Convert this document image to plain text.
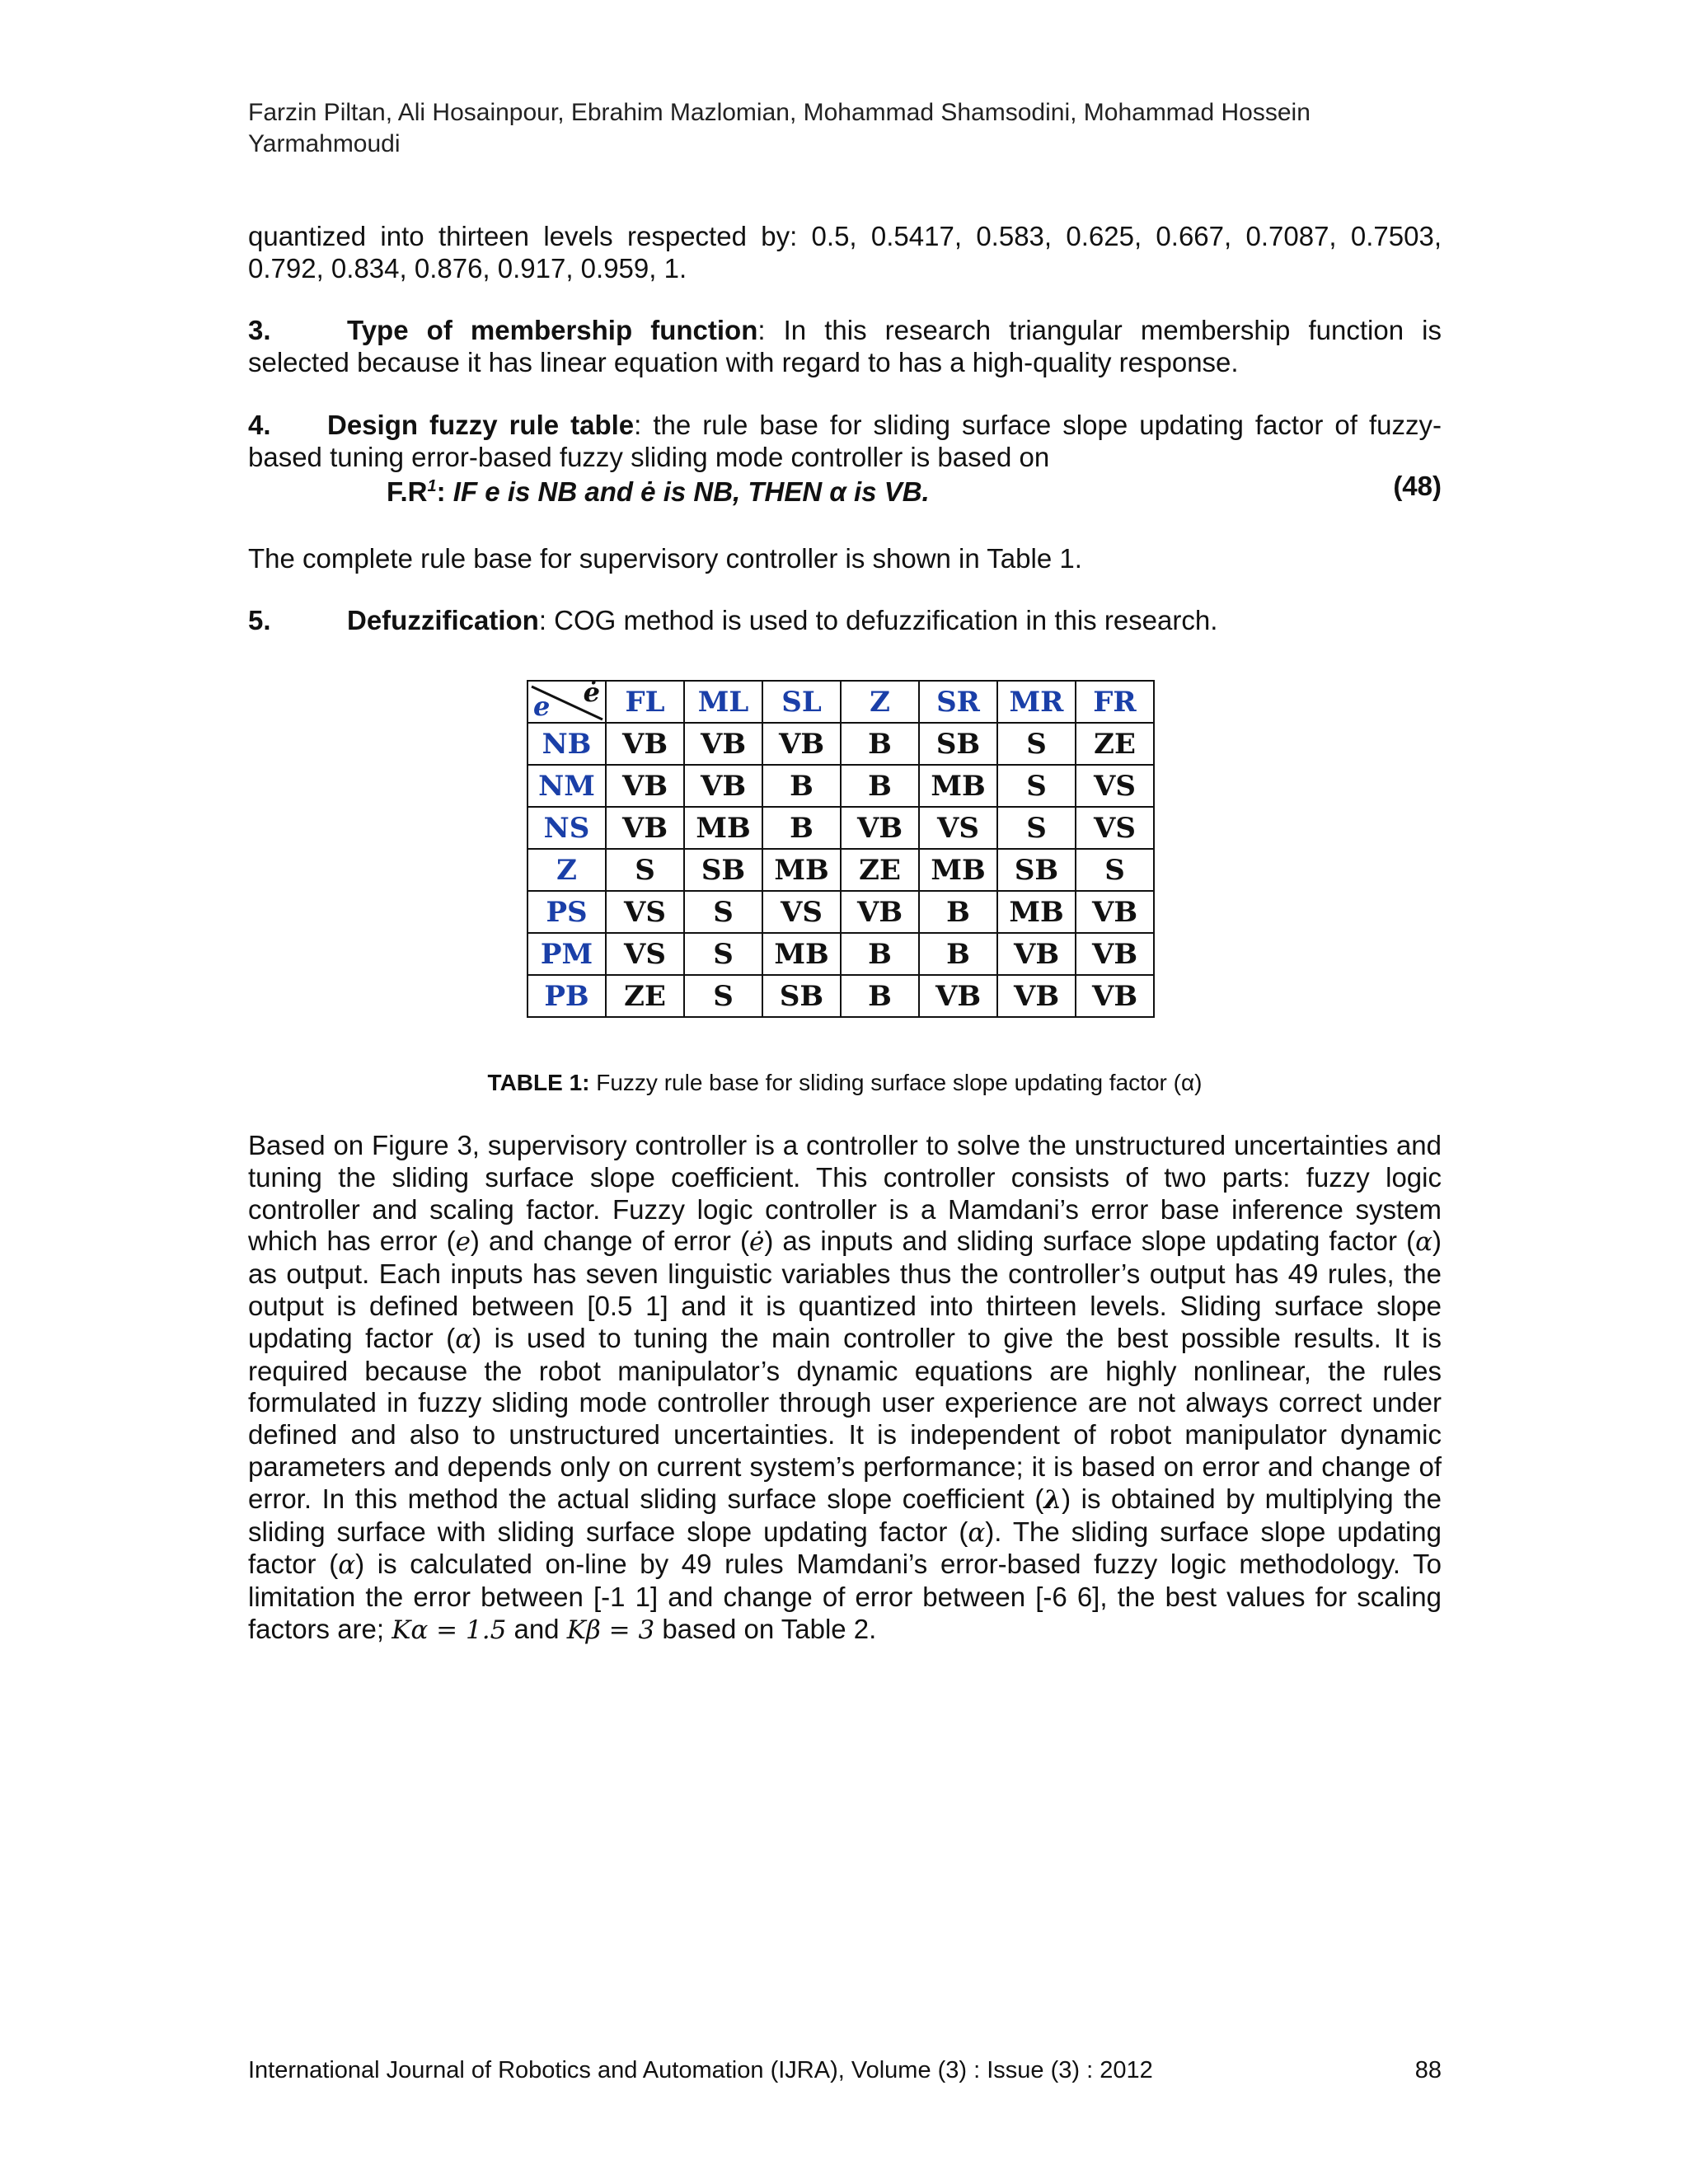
Farzin Piltan, Ali Hosainpour, Ebrahim Mazlomian, Mohammad Shamsodini, Mohammad Hossein Yarmahmoudi

quantized into thirteen levels respected by: 0.5, 0.5417, 0.583, 0.625, 0.667, 0.7087, 0.7503, 0.792, 0.834, 0.876, 0.917, 0.959, 1.

3.	Type of membership function: In this research triangular membership function is selected because it has linear equation with regard to has a high-quality response.

4. Design fuzzy rule table: the rule base for sliding surface slope updating factor of fuzzy-based tuning error-based fuzzy sliding mode controller is based on

$F.R^1$: IF e is NB and ė is NB, THEN α is VB.	(48)

The complete rule base for supervisory controller is shown in Table 1.

5.	Defuzzification: COG method is used to defuzzification in this research.

e ė	FL	ML	SL	Z	SR	MR	FR
NB	VB	VB	VB	B	SB	S	ZE
NM	VB	VB	B	B	MB	S	VS
NS	VB	MB	B	VB	VS	S	VS
Z	S	SB	MB	ZE	MB	SB	S
PS	VS	S	VS	VB	B	MB	VB
PM	VS	S	MB	B	B	VB	VB
PB	ZE	S	SB	B	VB	VB	VB
TABLE 1: Fuzzy rule base for sliding surface slope updating factor (α)

Based on Figure 3, supervisory controller is a controller to solve the unstructured uncertainties and tuning the sliding surface slope coefficient. This controller consists of two parts: fuzzy logic controller and scaling factor. Fuzzy logic controller is a Mamdani’s error base inference system which has error (e) and change of error (ė) as inputs and sliding surface slope updating factor (α) as output. Each inputs has seven linguistic variables thus the controller’s output has 49 rules, the output is defined between [0.5 1] and it is quantized into thirteen levels. Sliding surface slope updating factor (α) is used to tuning the main controller to give the best possible results. It is required because the robot manipulator’s dynamic equations are highly nonlinear, the rules formulated in fuzzy sliding mode controller through user experience are not always correct under defined and also to unstructured uncertainties. It is independent of robot manipulator dynamic parameters and depends only on current system’s performance; it is based on error and change of error. In this method the actual sliding surface slope coefficient (λ) is obtained by multiplying the sliding surface with sliding surface slope updating factor (α). The sliding surface slope updating factor (α) is calculated on-line by 49 rules Mamdani’s error-based fuzzy logic methodology. To limitation the error between [-1 1] and change of error between [-6 6], the best values for scaling factors are; Kα = 1.5 and Kβ = 3 based on Table 2.

International Journal of Robotics and Automation (IJRA), Volume (3) : Issue (3) : 2012	88
